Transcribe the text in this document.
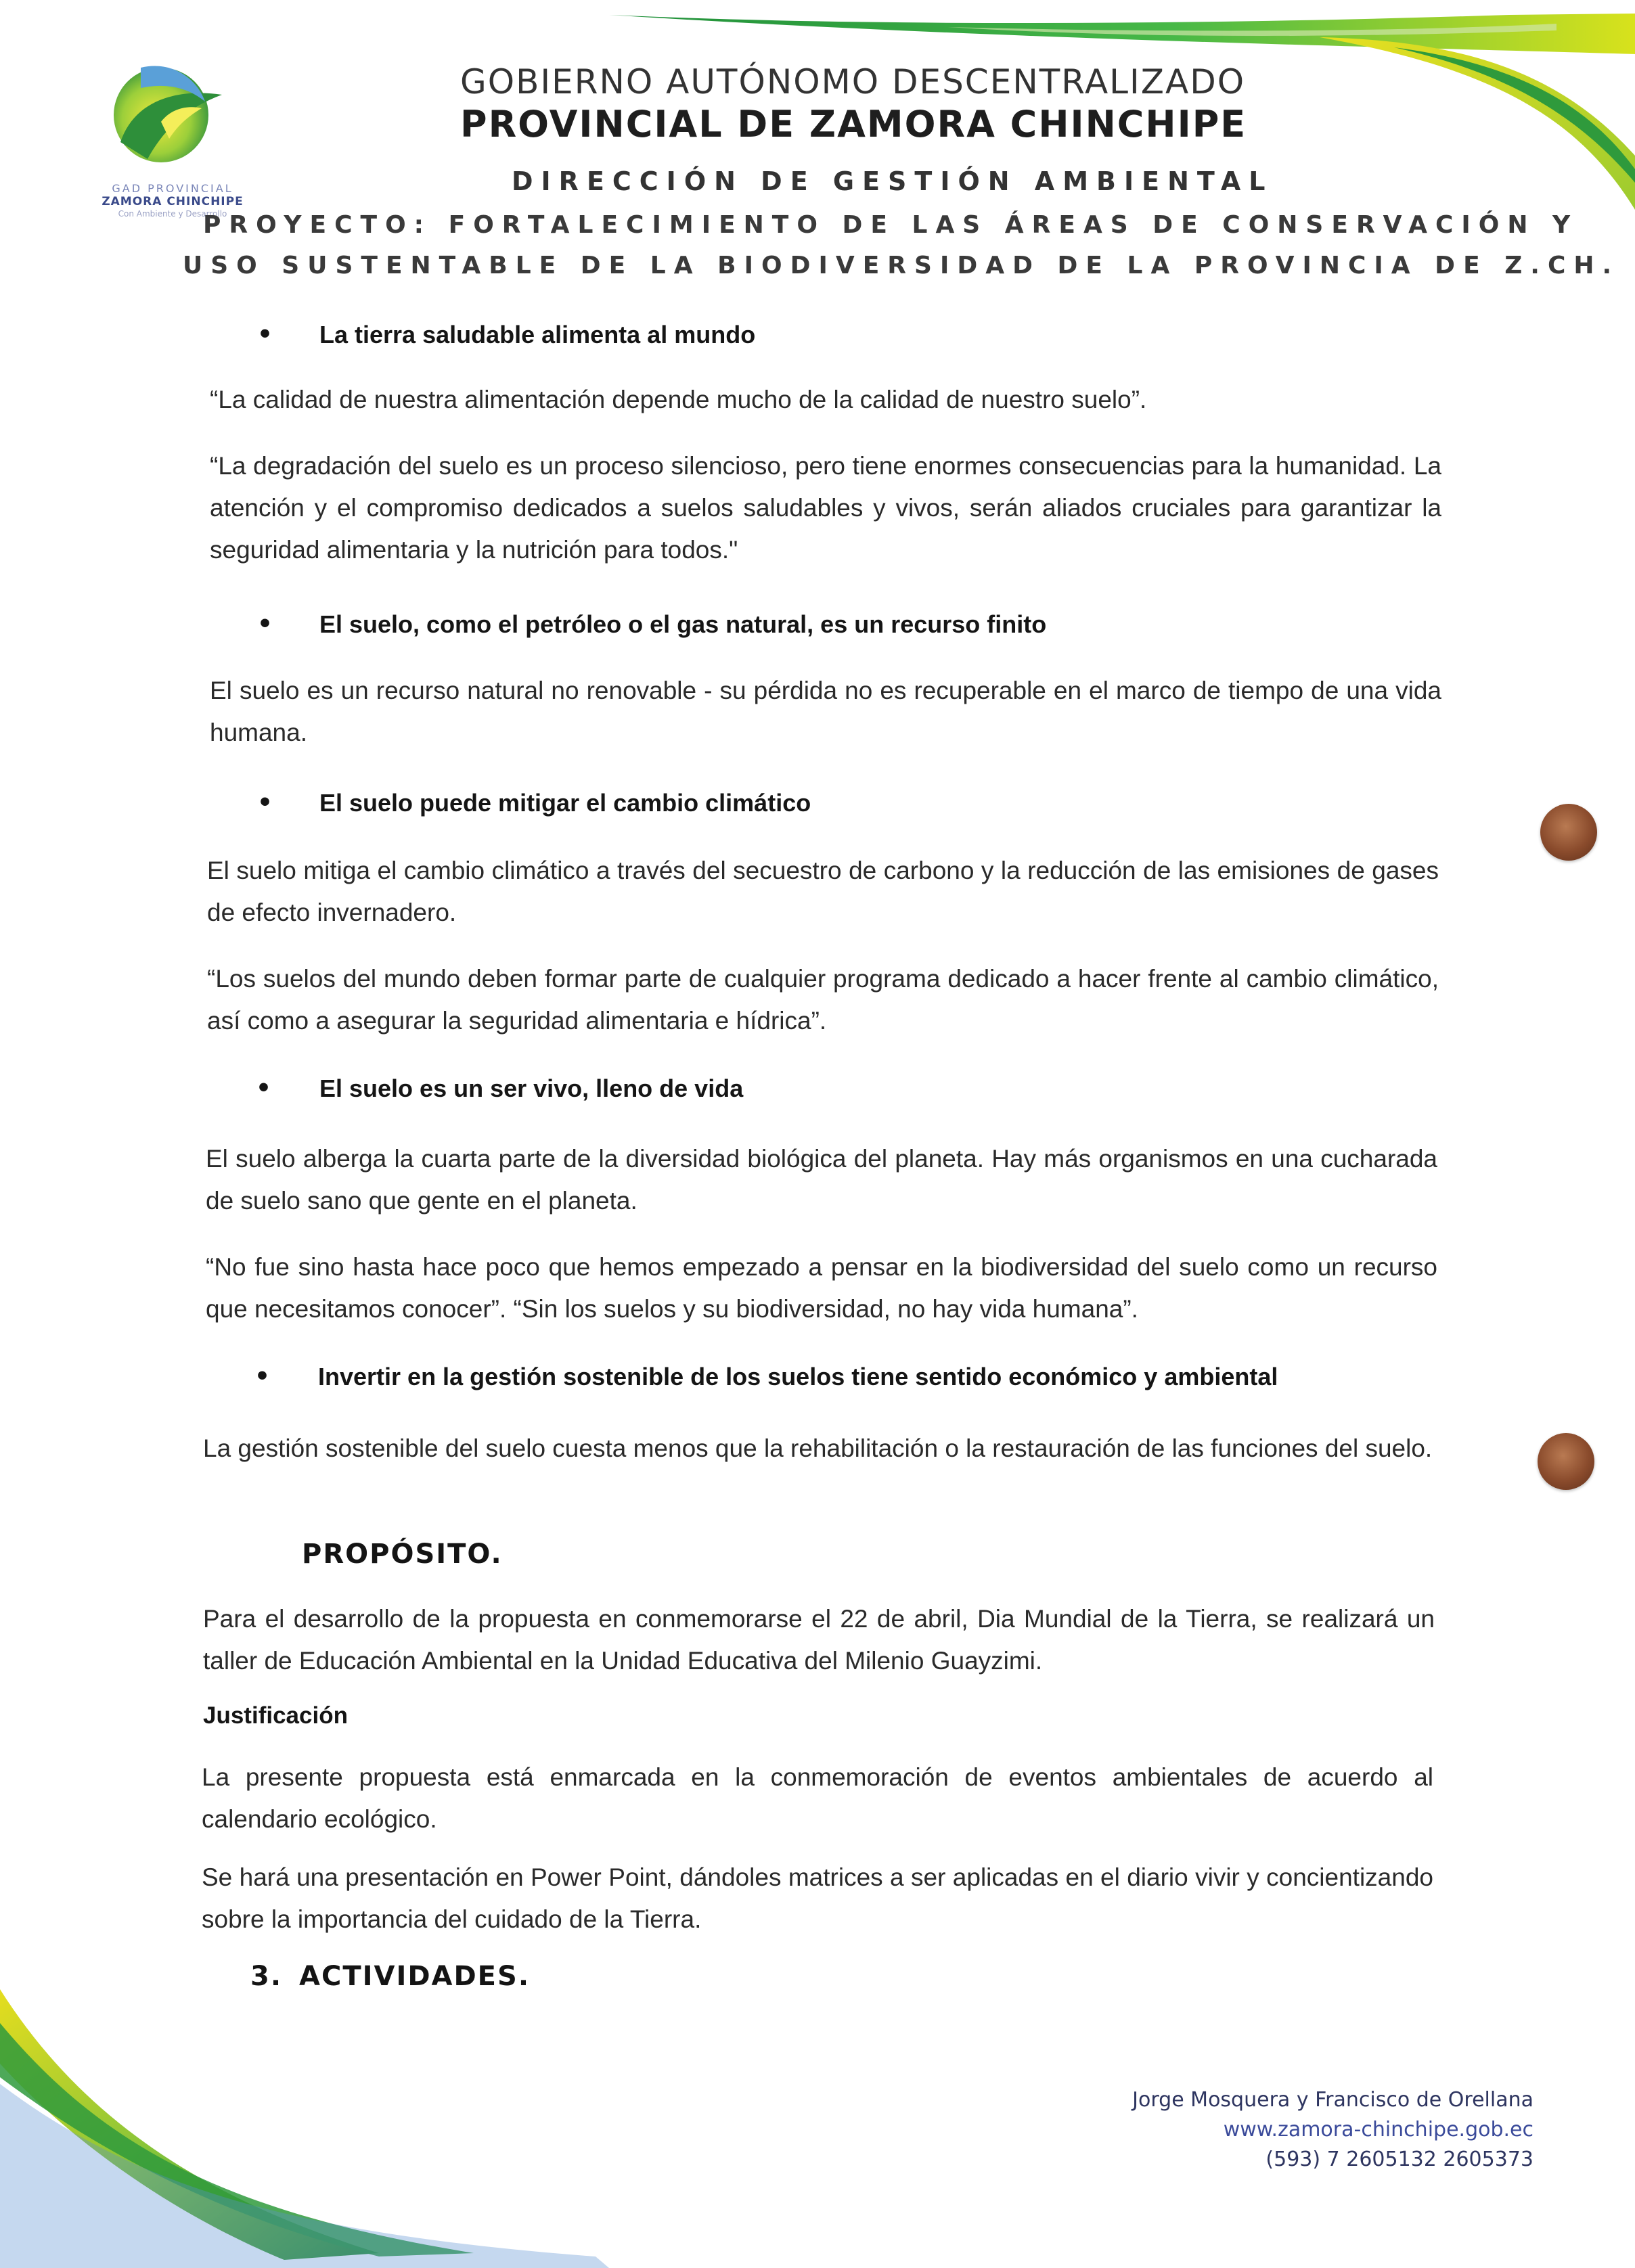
GAD PROVINCIAL
ZAMORA CHINCHIPE
Con Ambiente y Desarrollo
GOBIERNO AUTÓNOMO DESCENTRALIZADO
PROVINCIAL DE ZAMORA CHINCHIPE
DIRECCIÓN DE GESTIÓN AMBIENTAL
PROYECTO: FORTALECIMIENTO DE LAS ÁREAS DE CONSERVACIÓN Y
USO SUSTENTABLE DE LA BIODIVERSIDAD DE LA PROVINCIA DE Z.CH.
• La tierra saludable alimenta al mundo
“La calidad de nuestra alimentación depende mucho de la calidad de nuestro suelo”.
“La degradación del suelo es un proceso silencioso, pero tiene enormes consecuencias para la humanidad. La atención y el compromiso dedicados a suelos saludables y vivos, serán aliados cruciales para garantizar la seguridad alimentaria y la nutrición para todos."
• El suelo, como el petróleo o el gas natural, es un recurso finito
El suelo es un recurso natural no renovable - su pérdida no es recuperable en el marco de tiempo de una vida humana.
• El suelo puede mitigar el cambio climático
El suelo mitiga el cambio climático a través del secuestro de carbono y la reducción de las emisiones de gases de efecto invernadero.
“Los suelos del mundo deben formar parte de cualquier programa dedicado a hacer frente al cambio climático, así como a asegurar la seguridad alimentaria e hídrica”.
• El suelo es un ser vivo, lleno de vida
El suelo alberga la cuarta parte de la diversidad biológica del planeta. Hay más organismos en una cucharada de suelo sano que gente en el planeta.
“No fue sino hasta hace poco que hemos empezado a pensar en la biodiversidad del suelo como un recurso que necesitamos conocer”. “Sin los suelos y su biodiversidad, no hay vida humana”.
• Invertir en la gestión sostenible de los suelos tiene sentido económico y ambiental
La gestión sostenible del suelo cuesta menos que la rehabilitación o la restauración de las funciones del suelo.
PROPÓSITO.
Para el desarrollo de la propuesta en conmemorarse el 22 de abril, Dia Mundial de la Tierra, se realizará un taller de Educación Ambiental en la Unidad Educativa del Milenio Guayzimi.
Justificación
La presente propuesta está enmarcada en la conmemoración de eventos ambientales de acuerdo al calendario ecológico.
Se hará una presentación en Power Point, dándoles matrices a ser aplicadas en el diario vivir y concientizando sobre la importancia del cuidado de la Tierra.
3. ACTIVIDADES.
Jorge Mosquera y Francisco de Orellana
www.zamora-chinchipe.gob.ec
(593) 7 2605132 2605373
